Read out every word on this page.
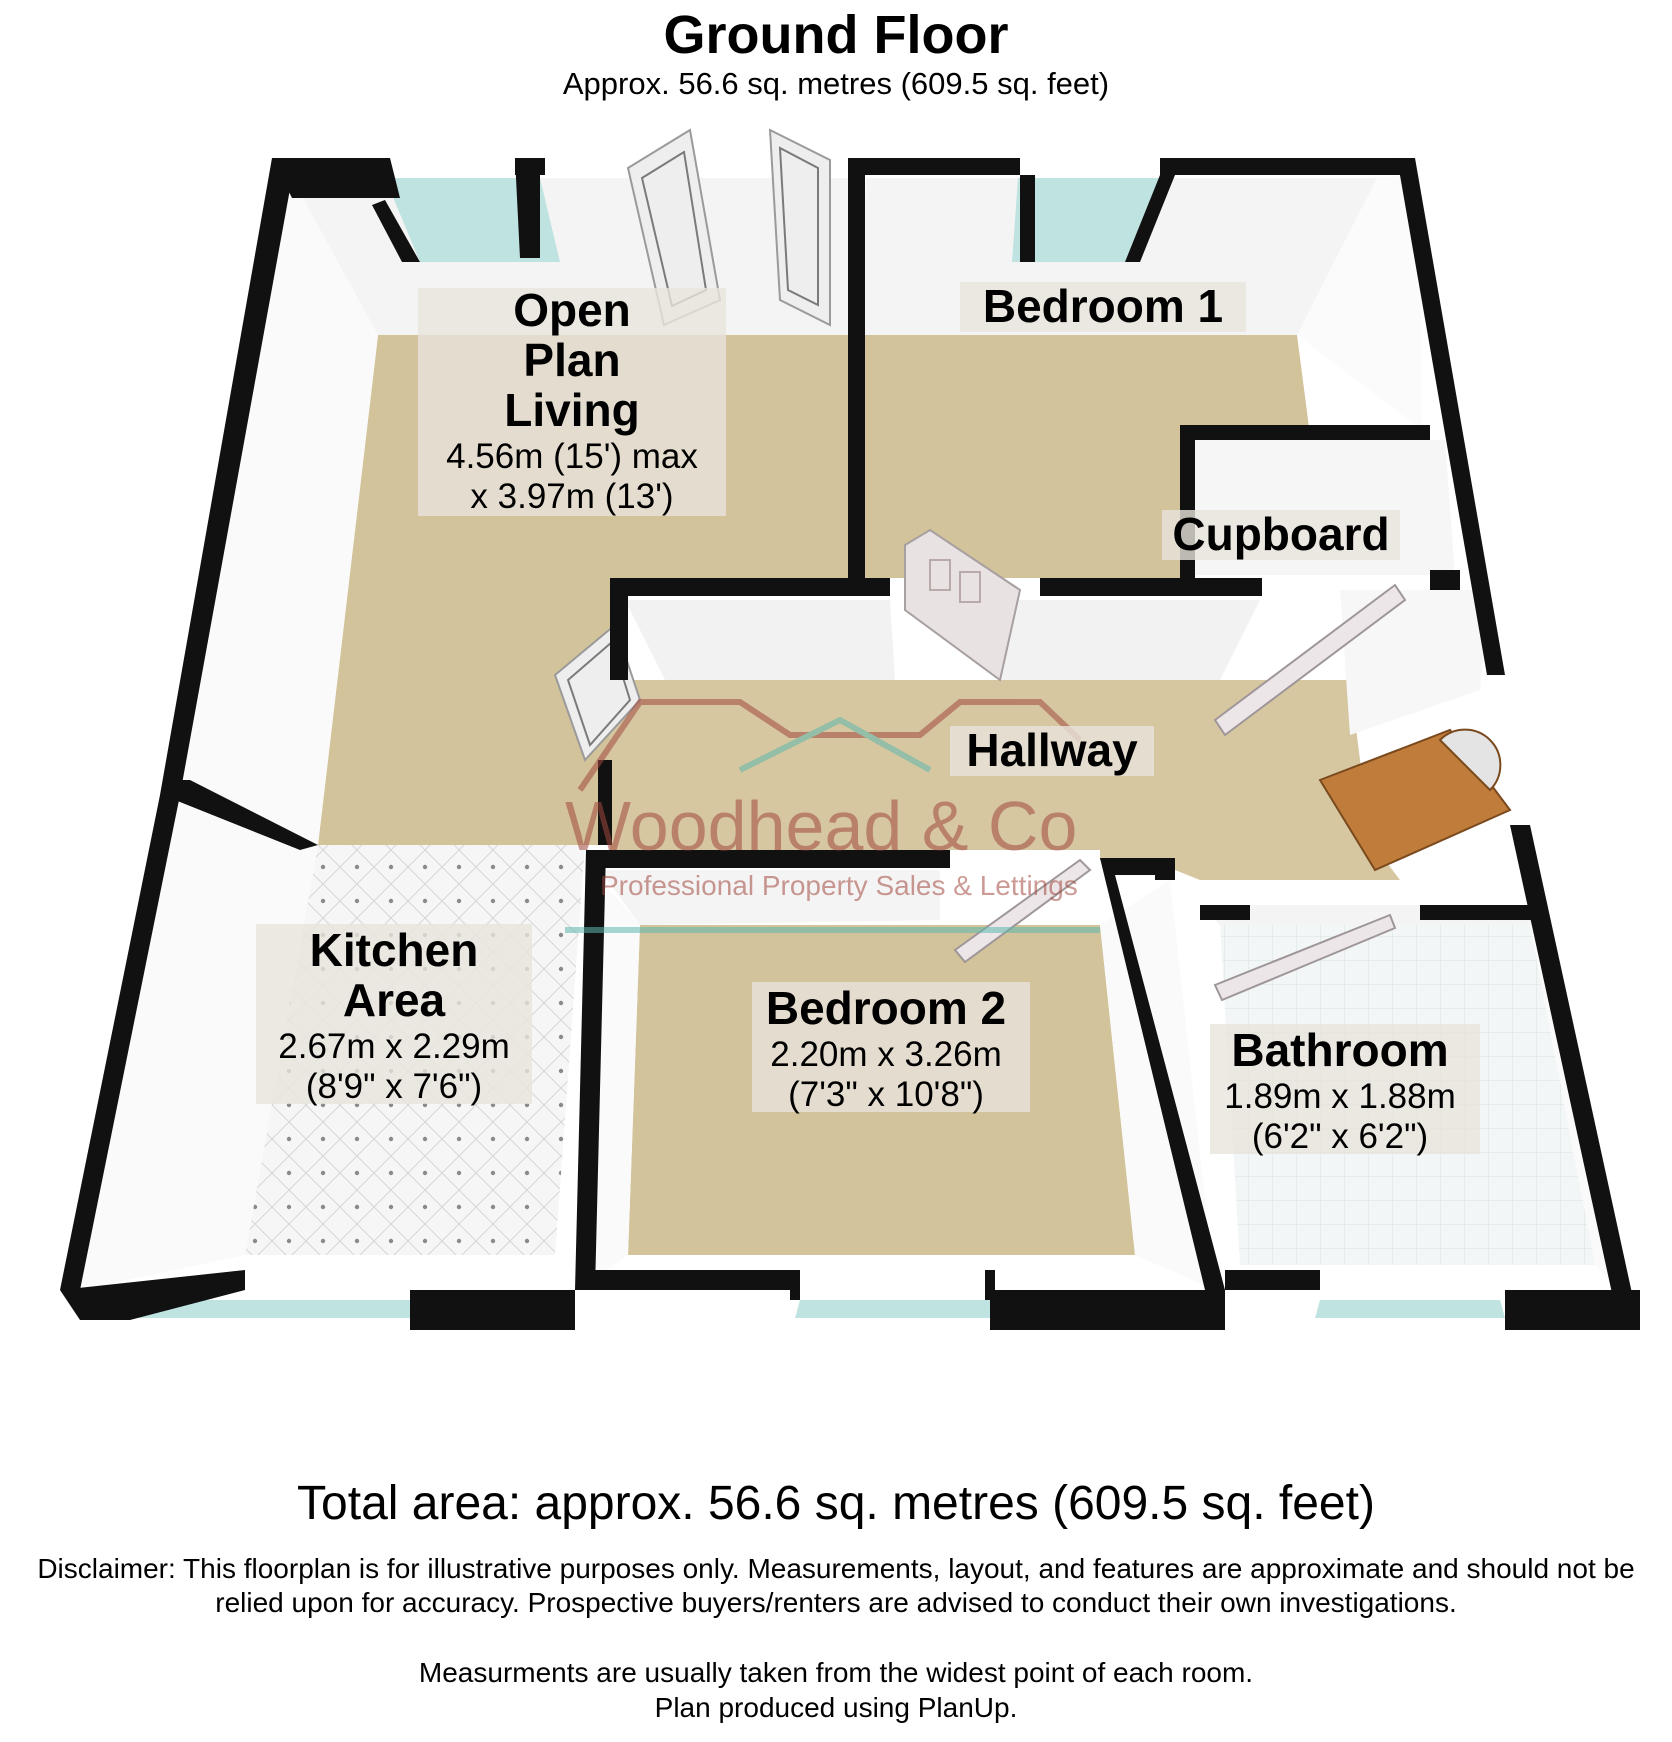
Ground Floor
Approx. 56.6 sq. metres (609.5 sq. feet)
Woodhead & Co
Professional Property Sales & Lettings
Open
Plan
Living
4.56m (15') max
x 3.97m (13')
Bedroom 1
Cupboard
Hallway
Kitchen
Area
2.67m x 2.29m
(8'9" x 7'6")
Bedroom 2
2.20m x 3.26m
(7'3" x 10'8")
Bathroom
1.89m x 1.88m
(6'2" x 6'2")
Total area: approx. 56.6 sq. metres (609.5 sq. feet)
Disclaimer: This floorplan is for illustrative purposes only. Measurements, layout, and features are approximate and should not be relied upon for accuracy. Prospective buyers/renters are advised to conduct their own investigations.
Measurments are usually taken from the widest point of each room.
Plan produced using PlanUp.
